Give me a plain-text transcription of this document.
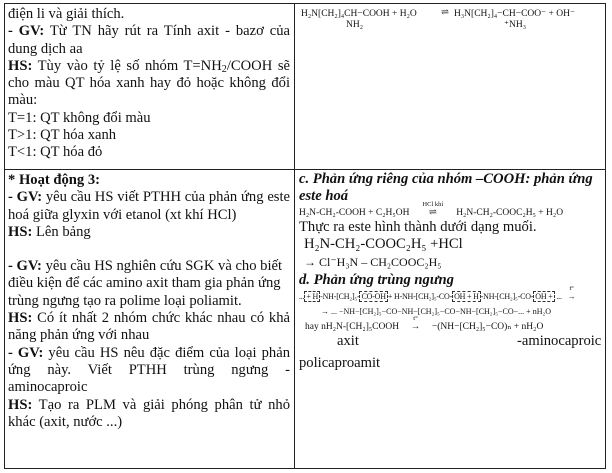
điện li và giải thích.

- GV: Từ TN hãy rút ra Tính axit - bazơ của dung dịch aa

HS: Tùy vào tỷ lệ số nhóm $T=NH_2$/COOH sẽ cho màu QT hóa xanh hay đỏ hoặc không đổi màu:

T=1: QT không đổi màu

T>1: QT hóa xanh

T<1: QT hóa đỏ

H₂N[CH₂]₄CH−COOH + H₂O
NH₂
⇌ H₃N[CH₂]₄−CH−COO⁻ + OH⁻
⁺NH₃

* Hoạt động 3:

- GV: yêu cầu HS viết PTHH của phản ứng este hoá giữa glyxin với etanol (xt khí HCl)

HS: Lên bảng

- GV: yêu cầu HS nghiên cứu SGK và cho biết điều kiện để các amino axit tham gia phản ứng trùng ngưng tạo ra polime loại poliamit.

HS: Có ít nhất 2 nhóm chức khác nhau có khả năng phản ứng với nhau

- GV: yêu cầu HS nêu đặc điểm của loại phản ứng này. Viết PTHH trùng ngưng -aminocaproic

HS: Tạo ra PLM và giải phóng phân tử nhỏ khác (axit, nước ...)

c. Phản ứng riêng của nhóm –COOH: phản ứng este hoá

H₂N-CH₂-COOH + C₂H₅OH
HCl khí
⇌ H₂N-CH₂-COOC₂H₅ + H₂O

Thực ra este hình thành dưới dạng muối.

H₂N-CH₂-COOC₂H₅ +HCl

→ Cl⁻H₃N – CH₂COOC₂H₅

d. Phản ứng trùng ngưng

... + H -NH-[CH₂]₅- CO-OH + H-NH-[CH₂]₅-CO- OH + H -NH-[CH₂]₅-CO- OH + ...
t°
→
→ ... −NH−[CH₂]₅−CO−NH−[CH₂]₅−CO−NH−[CH₂]₅−CO−... + nH₂O
hay nH₂N-[CH₂]₅COOH
t°
→ −(NH−[CH₂]₅−CO)ₙ + nH₂O
axit	-aminocaproic

policaproamit
